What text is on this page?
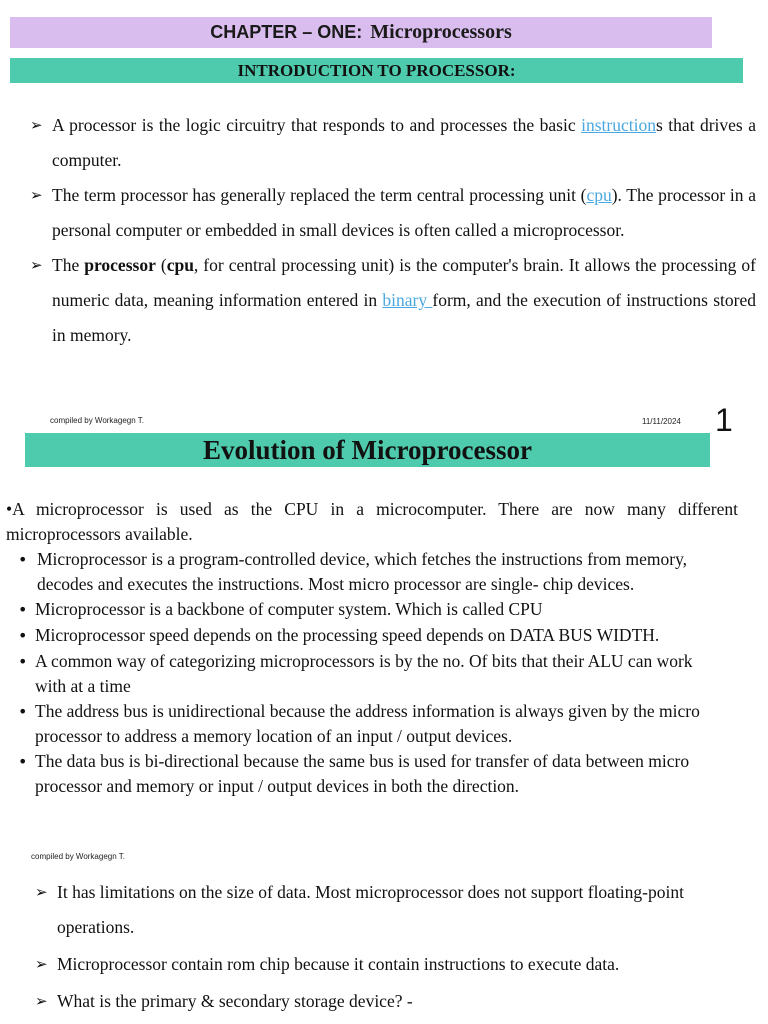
CHAPTER – ONE: Microprocessors
INTRODUCTION TO PROCESSOR:
➢ A processor is the logic circuitry that responds to and processes the basic instructions that drives a computer.
➢ The term processor has generally replaced the term central processing unit (cpu). The processor in a personal computer or embedded in small devices is often called a microprocessor.
➢ The processor (cpu, for central processing unit) is the computer's brain. It allows the processing of numeric data, meaning information entered in binary form, and the execution of instructions stored in memory.
compiled by Workagegn T.	11/11/2024 1
Evolution of Microprocessor
•A microprocessor is used as the CPU in a microcomputer. There are now many different microprocessors available.
• Microprocessor is a program-controlled device, which fetches the instructions from memory, decodes and executes the instructions. Most micro processor are single- chip devices.
• Microprocessor is a backbone of computer system. Which is called CPU
• Microprocessor speed depends on the processing speed depends on DATA BUS WIDTH.
• A common way of categorizing microprocessors is by the no. Of bits that their ALU can work with at a time
• The address bus is unidirectional because the address information is always given by the micro processor to address a memory location of an input / output devices.
• The data bus is bi-directional because the same bus is used for transfer of data between micro processor and memory or input / output devices in both the direction.
compiled by Workagegn T.
➢ It has limitations on the size of data. Most microprocessor does not support floating-point operations.
➢ Microprocessor contain rom chip because it contain instructions to execute data.
➢ What is the primary & secondary storage device? -
